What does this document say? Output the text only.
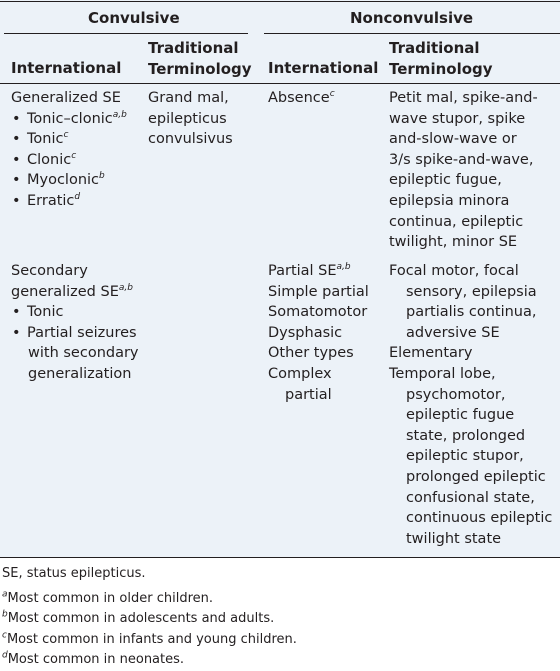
Convulsive	Nonconvulsive
International
Traditional
Terminology International
Traditional
Terminology
Generalized SE
• Tonic–clonic$^{a,b}$
• Tonic$^c$
• Clonic$^c$
• Myoclonic$^b$
• Erratic$^d$
Grand mal,
epilepticus
convulsivus
Absence$^c$	Petit mal, spike-and-
wave stupor, spike
and-slow-wave or
3/s spike-and-wave,
epileptic fugue,
epilepsia minora
continua, epileptic
twilight, minor SE
Secondary
generalized SE$^{a,b}$
• Tonic
• Partial seizures
with secondary
generalization
Partial SE$^{a,b}$
Simple partial
Somatomotor
Dysphasic
Other types
Complex
partial
Focal motor, focal
sensory, epilepsia
partialis continua,
adversive SE
Elementary
Temporal lobe,
psychomotor,
epileptic fugue
state, prolonged
epileptic stupor,
prolonged epileptic
confusional state,
continuous epileptic
twilight state
SE, status epilepticus.
$^a$Most common in older children.
$^b$Most common in adolescents and adults.
$^c$Most common in infants and young children.
$^d$Most common in neonates.
